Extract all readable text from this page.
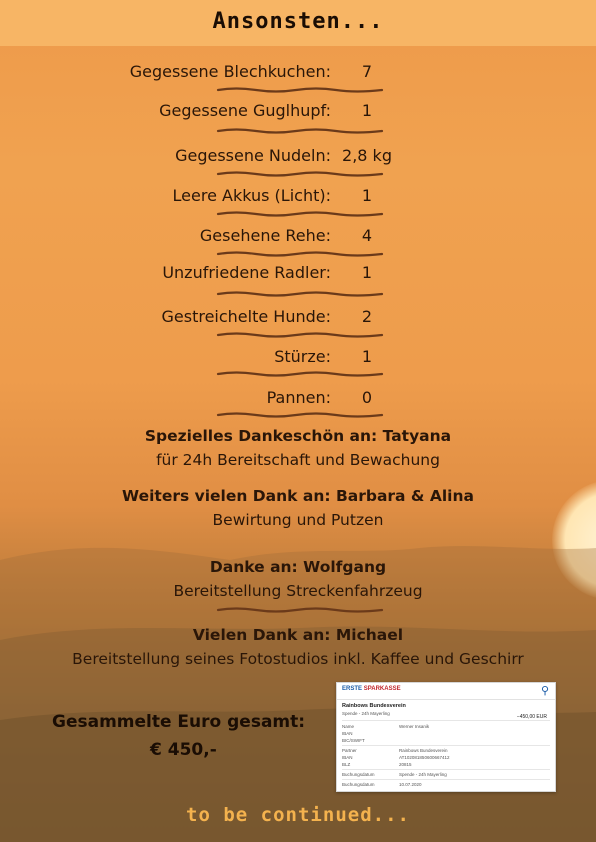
Ansonsten...
Gegessene Blechkuchen:	7
Gegessene Guglhupf:	1
Gegessene Nudeln: 2,8 kg
Leere Akkus (Licht):	1
Gesehene Rehe:	4
Unzufriedene Radler:	1
Gestreichelte Hunde:	2
Stürze:	1
Pannen:	0
Spezielles Dankeschön an: Tatyana
für 24h Bereitschaft und Bewachung
Weiters vielen Dank an: Barbara & Alina
Bewirtung und Putzen
Danke an: Wolfgang
Bereitstellung Streckenfahrzeug
Vielen Dank an: Michael
Bereitstellung seines Fotostudios inkl. Kaffee und Geschirr
Gesammelte Euro gesamt:
€ 450,-
ERSTE SPARKASSE	⚲
Rainbows Bundesverein
Spende - 24h Mayerling
−450,00 EUR
Name	Werner Insanik
IBAN
BIC/SWIFT
Partner	Rainbows Bundesverein
IBAN	AT102081850600667412
BLZ	20815
Buchungsdatum	Spende - 24h Mayerling
Buchungsdatum	10.07.2020
to be continued...
